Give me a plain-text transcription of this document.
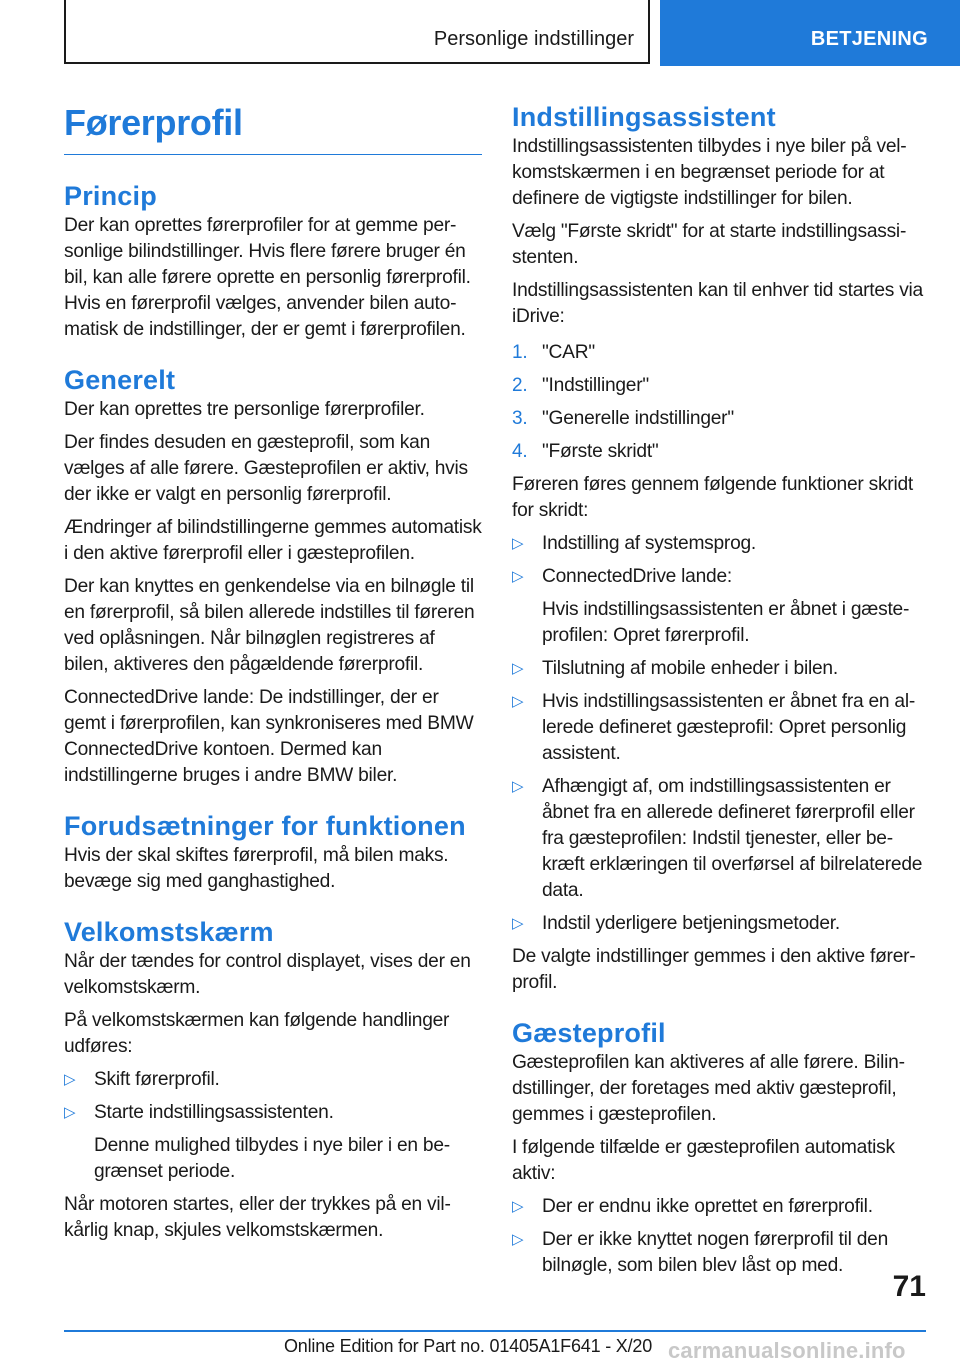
Personlige indstillinger	BETJENING
Førerprofil
Princip

Der kan oprettes førerprofiler for at gemme personlige bilindstillinger. Hvis flere førere bruger én bil, kan alle førere oprette en personlig førerprofil. Hvis en førerprofil vælges, anvender bilen automatisk de indstillinger, der er gemt i førerprofilen.

Generelt

Der kan oprettes tre personlige førerprofiler.

Der findes desuden en gæsteprofil, som kan vælges af alle førere. Gæsteprofilen er aktiv, hvis der ikke er valgt en personlig førerprofil.

Ændringer af bilindstillingerne gemmes automatisk i den aktive førerprofil eller i gæsteprofilen.

Der kan knyttes en genkendelse via en bilnøgle til en førerprofil, så bilen allerede indstilles til føreren ved oplåsningen. Når bilnøglen registreres af bilen, aktiveres den pågældende førerprofil.

ConnectedDrive lande: De indstillinger, der er gemt i førerprofilen, kan synkroniseres med BMW ConnectedDrive kontoen. Dermed kan indstillingerne bruges i andre BMW biler.

Forudsætninger for funktionen

Hvis der skal skiftes førerprofil, må bilen maks. bevæge sig med ganghastighed.

Velkomstskærm

Når der tændes for control displayet, vises der en velkomstskærm.

På velkomstskærmen kan følgende handlinger udføres:

▷ Skift førerprofil.
▷ Starte indstillingsassistenten.
Denne mulighed tilbydes i nye biler i en begrænset periode.

Når motoren startes, eller der trykkes på en vilkårlig knap, skjules velkomstskærmen.

Indstillingsassistent

Indstillingsassistenten tilbydes i nye biler på velkomstskærmen i en begrænset periode for at definere de vigtigste indstillinger for bilen.

Vælg "Første skridt" for at starte indstillingsassistenten.

Indstillingsassistenten kan til enhver tid startes via iDrive:

1. "CAR"
2. "Indstillinger"
3. "Generelle indstillinger"
4. "Første skridt"

Føreren føres gennem følgende funktioner skridt for skridt:

▷ Indstilling af systemsprog.
▷ ConnectedDrive lande:
Hvis indstillingsassistenten er åbnet i gæsteprofilen: Opret førerprofil.
▷ Tilslutning af mobile enheder i bilen.
▷ Hvis indstillingsassistenten er åbnet fra en allerede defineret gæsteprofil: Opret personlig assistent.
▷ Afhængigt af, om indstillingsassistenten er åbnet fra en allerede defineret førerprofil eller fra gæsteprofilen: Indstil tjenester, eller bekræft erklæringen til overførsel af bilrelaterede data.
▷ Indstil yderligere betjeningsmetoder.

De valgte indstillinger gemmes i den aktive førerprofil.

Gæsteprofil

Gæsteprofilen kan aktiveres af alle førere. Bilindstillinger, der foretages med aktiv gæsteprofil, gemmes i gæsteprofilen.

I følgende tilfælde er gæsteprofilen automatisk aktiv:

▷ Der er endnu ikke oprettet en førerprofil.
▷ Der er ikke knyttet nogen førerprofil til den bilnøgle, som bilen blev låst op med.
71
Online Edition for Part no. 01405A1F641 - X/20 carmanualsonline.info
